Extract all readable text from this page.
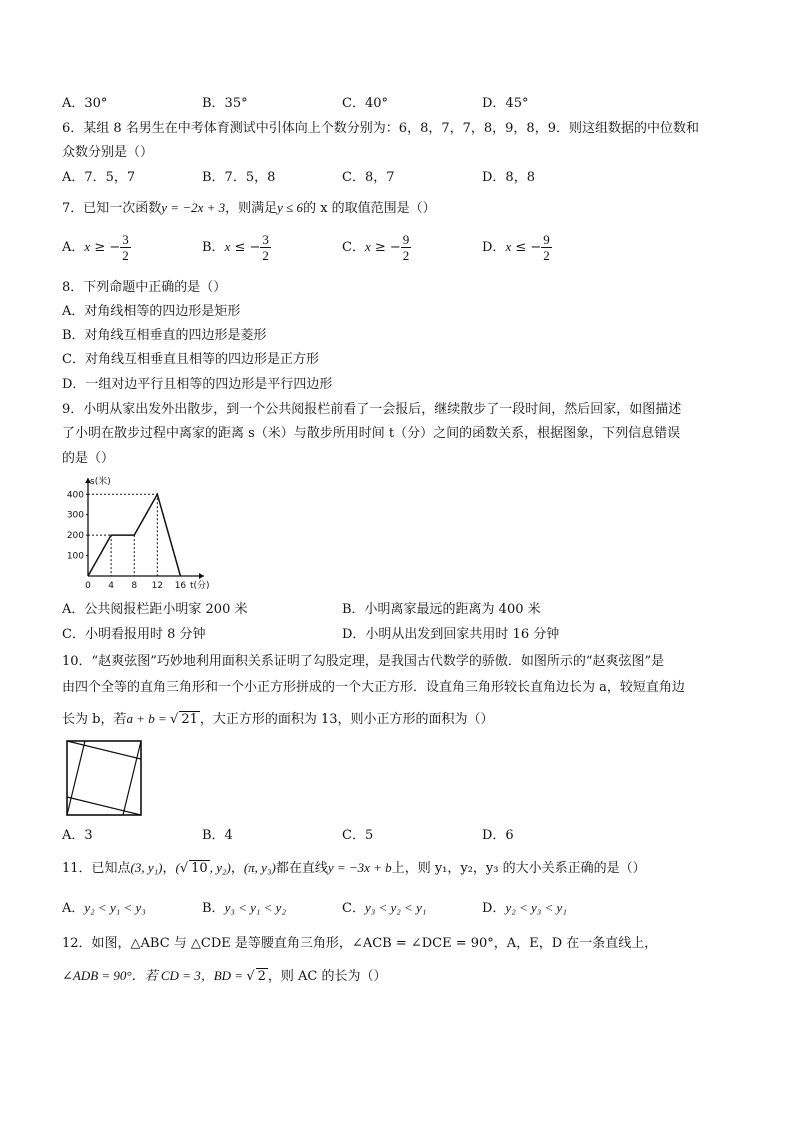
A．30°	B．35°	C．40°	D．45°
6．某组 8 名男生在中考体育测试中引体向上个数分别为：6，8，7，7，8，9，8，9．则这组数据的中位数和
众数分别是（）
A．7．5，7	B．7．5，8	C．8，7	D．8，8
7．已知一次函数y = −2x + 3，则满足y ≤ 6的 x 的取值范围是（）
A．x ≥ − $\frac{3}{2}$	B．x ≤ − $\frac{3}{2}$	C．x ≥ − $\frac{9}{2}$	D．x ≤ − $\frac{9}{2}$
8．下列命题中正确的是（）
A．对角线相等的四边形是矩形
B．对角线互相垂直的四边形是菱形
C．对角线互相垂直且相等的四边形是正方形
D．一组对边平行且相等的四边形是平行四边形
9．小明从家出发外出散步，到一个公共阅报栏前看了一会报后，继续散步了一段时间，然后回家，如图描述
了小明在散步过程中离家的距离 s（米）与散步所用时间 t（分）之间的函数关系，根据图象，下列信息错误
的是（）
s(米)
t(分)
100
200
300
400
0 4 8 12 16
A．公共阅报栏距小明家 200 米	B．小明离家最远的距离为 400 米
C．小明看报用时 8 分钟	D．小明从出发到回家共用时 16 分钟
10．“赵爽弦图”巧妙地利用面积关系证明了勾股定理，是我国古代数学的骄傲．如图所示的“赵爽弦图”是
由四个全等的直角三角形和一个小正方形拼成的一个大正方形．设直角三角形较长直角边长为 a，较短直角边
长为 b，若a + b = √ 21 ，大正方形的面积为 13，则小正方形的面积为（）
A．3	B．4	C．5	D．6
11．已知点(3, y₁)，(√ 10 , y₂)，(π, y₃)都在直线y = −3x + b上，则 y₁，y₂，y₃ 的大小关系正确的是（）
A．y₂ < y₁ < y₃	B．y₃ < y₁ < y₂	C．y₃ < y₂ < y₁	D．y₂ < y₃ < y₁
12．如图，△ABC 与 △CDE 是等腰直角三角形，∠ACB = ∠DCE = 90°，A，E，D 在一条直线上，
∠ADB = 90°．若 CD = 3，BD = √ 2 ，则 AC 的长为（）
